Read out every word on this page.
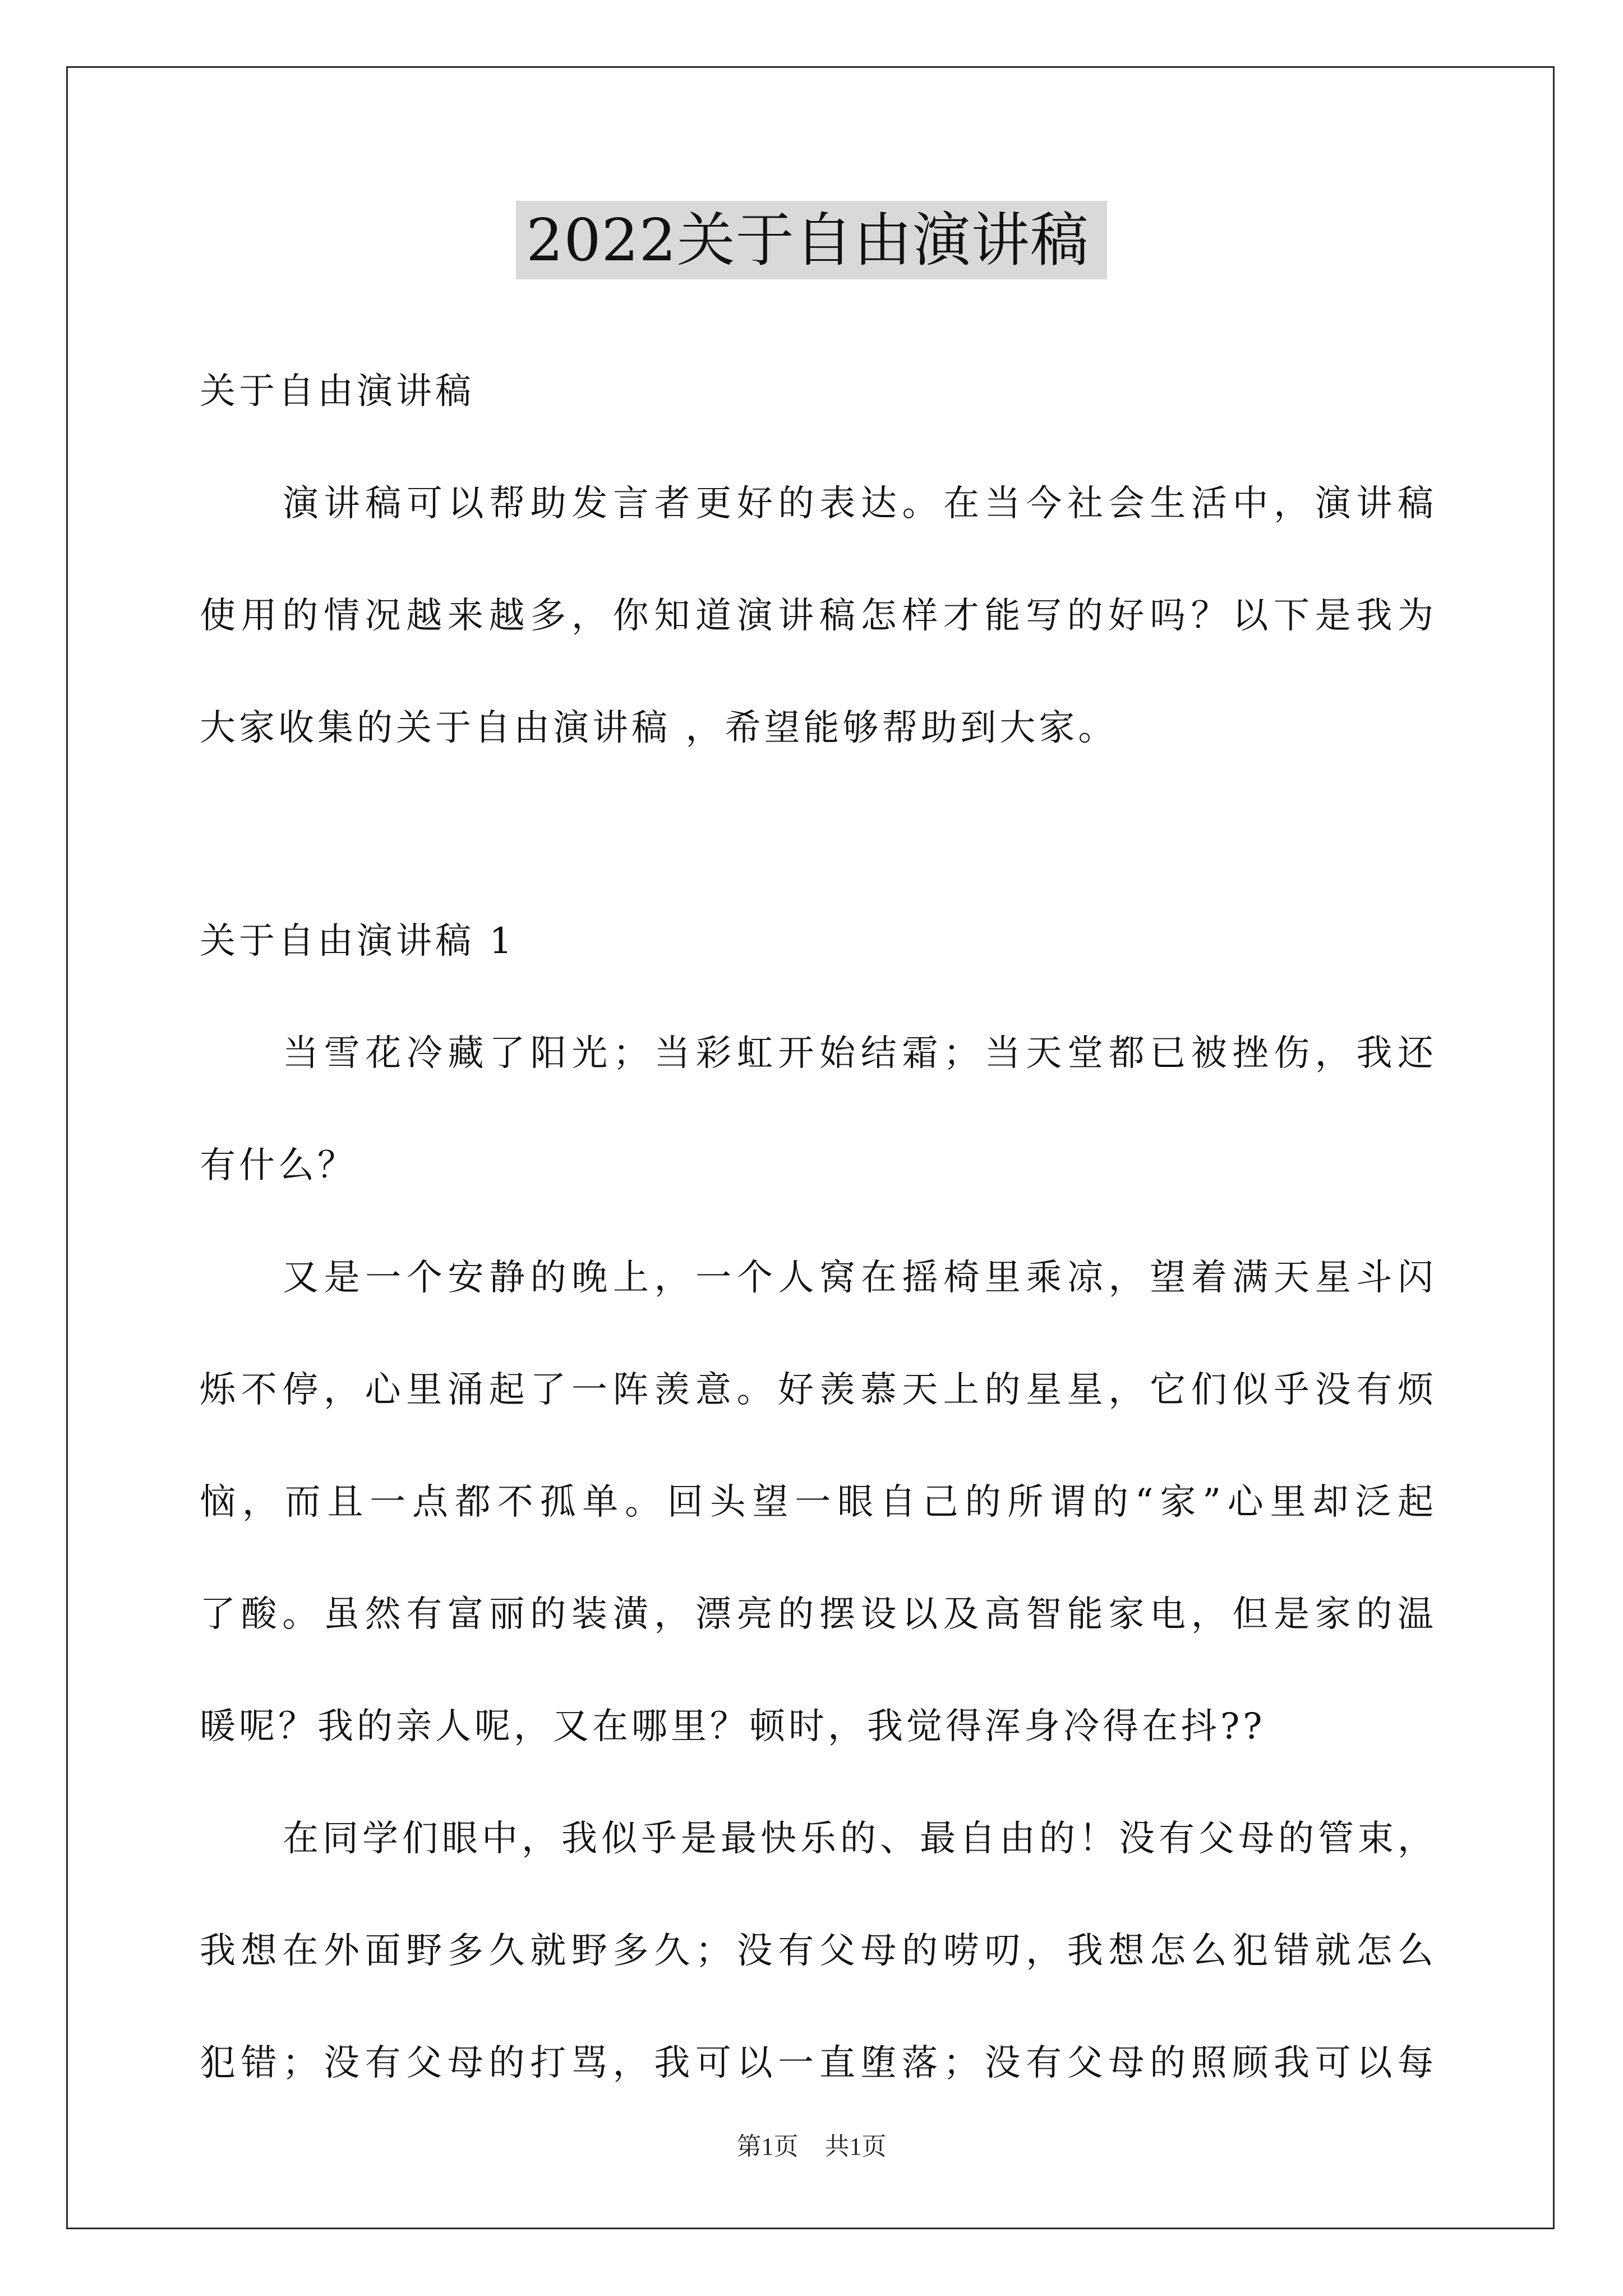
2022关于自由演讲稿
关于自由演讲稿
演讲稿可以帮助发言者更好的表达。在当今社会生活中，演讲稿
使用的情况越来越多，你知道演讲稿怎样才能写的好吗？以下是我为
大家收集的关于自由演讲稿 ，希望能够帮助到大家。
关于自由演讲稿 1
当雪花冷藏了阳光；当彩虹开始结霜；当天堂都已被挫伤，我还
有什么？
又是一个安静的晚上，一个人窝在摇椅里乘凉，望着满天星斗闪
烁不停，心里涌起了一阵羡意。好羡慕天上的星星，它们似乎没有烦
恼，而且一点都不孤单。回头望一眼自己的所谓的“家”心里却泛起
了酸。虽然有富丽的装潢，漂亮的摆设以及高智能家电，但是家的温
暖呢？我的亲人呢，又在哪里？顿时，我觉得浑身冷得在抖??
在同学们眼中，我似乎是最快乐的、最自由的！没有父母的管束，
我想在外面野多久就野多久；没有父母的唠叨，我想怎么犯错就怎么
犯错；没有父母的打骂，我可以一直堕落；没有父母的照顾我可以每
第1页 共1页
